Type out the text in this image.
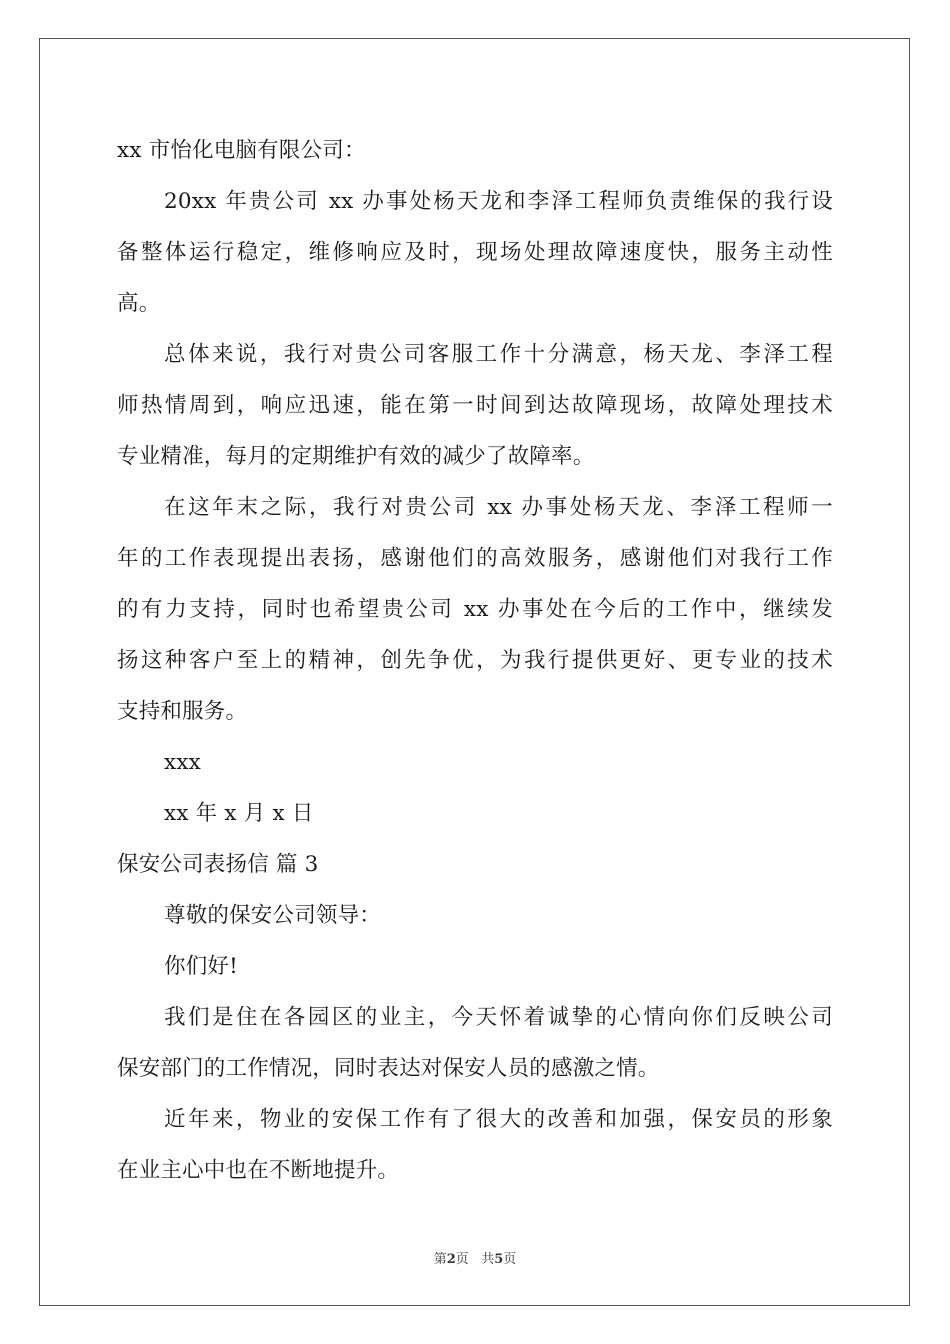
xx 市怡化电脑有限公司：
20xx 年贵公司 xx 办事处杨天龙和李泽工程师负责维保的我行设
备整体运行稳定，维修响应及时，现场处理故障速度快，服务主动性
高。
总体来说，我行对贵公司客服工作十分满意，杨天龙、李泽工程
师热情周到，响应迅速，能在第一时间到达故障现场，故障处理技术
专业精准，每月的定期维护有效的减少了故障率。
在这年末之际，我行对贵公司 xx 办事处杨天龙、李泽工程师一
年的工作表现提出表扬，感谢他们的高效服务，感谢他们对我行工作
的有力支持，同时也希望贵公司 xx 办事处在今后的工作中，继续发
扬这种客户至上的精神，创先争优，为我行提供更好、更专业的技术
支持和服务。
xxx
xx 年 x 月 x 日
保安公司表扬信 篇 3
尊敬的保安公司领导：
你们好!
我们是住在各园区的业主，今天怀着诚挚的心情向你们反映公司
保安部门的工作情况，同时表达对保安人员的感激之情。
近年来，物业的安保工作有了很大的改善和加强，保安员的形象
在业主心中也在不断地提升。
第2页 共5页
